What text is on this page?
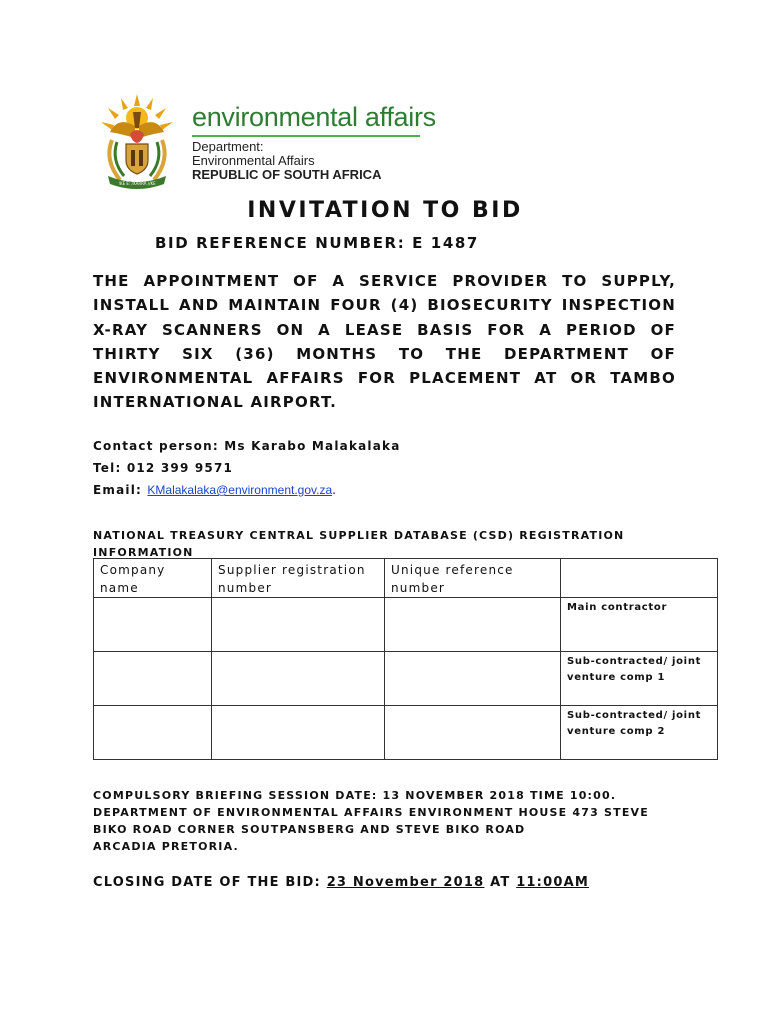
!KE E: /XARRA //KE
environmental affairs
Department:
Environmental Affairs
REPUBLIC OF SOUTH AFRICA
INVITATION TO BID
BID REFERENCE NUMBER: E 1487
THE APPOINTMENT OF A SERVICE PROVIDER TO SUPPLY, INSTALL AND MAINTAIN FOUR (4) BIOSECURITY INSPECTION X-RAY SCANNERS ON A LEASE BASIS FOR A PERIOD OF THIRTY SIX (36) MONTHS TO THE DEPARTMENT OF ENVIRONMENTAL AFFAIRS FOR PLACEMENT AT OR TAMBO INTERNATIONAL AIRPORT.
Contact person: Ms Karabo Malakalaka
Tel: 012 399 9571
Email: KMalakalaka@environment.gov.za.
NATIONAL TREASURY CENTRAL SUPPLIER DATABASE (CSD) REGISTRATION INFORMATION
Company name	Supplier registration number	Unique reference number	
			Main contractor
			Sub-contracted/ joint venture comp 1
			Sub-contracted/ joint venture comp 2
COMPULSORY BRIEFING SESSION DATE: 13 NOVEMBER 2018 TIME 10:00.
DEPARTMENT OF ENVIRONMENTAL AFFAIRS ENVIRONMENT HOUSE 473 STEVE
BIKO ROAD CORNER SOUTPANSBERG AND STEVE BIKO ROAD
ARCADIA PRETORIA.
CLOSING DATE OF THE BID: 23 November 2018 AT 11:00AM
